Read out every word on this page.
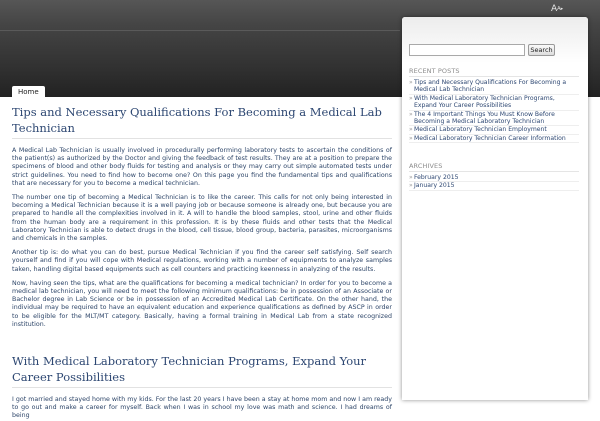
Home
$A^{A▸}$
Tips and Necessary Qualifications For Becoming a Medical Lab Technician

A Medical Lab Technician is usually involved in procedurally performing laboratory tests to ascertain the conditions of the patient(s) as authorized by the Doctor and giving the feedback of test results. They are at a position to prepare the specimens of blood and other body fluids for testing and analysis or they may carry out simple automated tests under strict guidelines. You need to find how to become one? On this page you find the fundamental tips and qualifications that are necessary for you to become a medical technician.

The number one tip of becoming a Medical Technician is to like the career. This calls for not only being interested in becoming a Medical Technician because it is a well paying job or because someone is already one, but because you are prepared to handle all the complexities involved in it. A will to handle the blood samples, stool, urine and other fluids from the human body are a requirement in this profession. It is by these fluids and other tests that the Medical Laboratory Technician is able to detect drugs in the blood, cell tissue, blood group, bacteria, parasites, microorganisms and chemicals in the samples.

Another tip is: do what you can do best, pursue Medical Technician if you find the career self satisfying. Self search yourself and find if you will cope with Medical regulations, working with a number of equipments to analyze samples taken, handling digital based equipments such as cell counters and practicing keenness in analyzing of the results.

Now, having seen the tips, what are the qualifications for becoming a medical technician? In order for you to become a medical lab technician, you will need to meet the following minimum qualifications: be in possession of an Associate or Bachelor degree in Lab Science or be in possession of an Accredited Medical Lab Certificate. On the other hand, the individual may be required to have an equivalent education and experience qualifications as defined by ASCP in order to be eligible for the MLT/MT category. Basically, having a formal training in Medical Lab from a state recognized institution.

With Medical Laboratory Technician Programs, Expand Your Career Possibilities

I got married and stayed home with my kids. For the last 20 years I have been a stay at home mom and now I am ready to go out and make a career for myself. Back when I was in school my love was math and science. I had dreams of being

Search
RECENT POSTS
» Tips and Necessary Qualifications For Becoming a Medical Lab Technician
» With Medical Laboratory Technician Programs, Expand Your Career Possibilities
» The 4 Important Things You Must Know Before Becoming a Medical Laboratory Technician
» Medical Laboratory Technician Employment
» Medical Laboratory Technician Career Information
ARCHIVES
» February 2015
» January 2015
